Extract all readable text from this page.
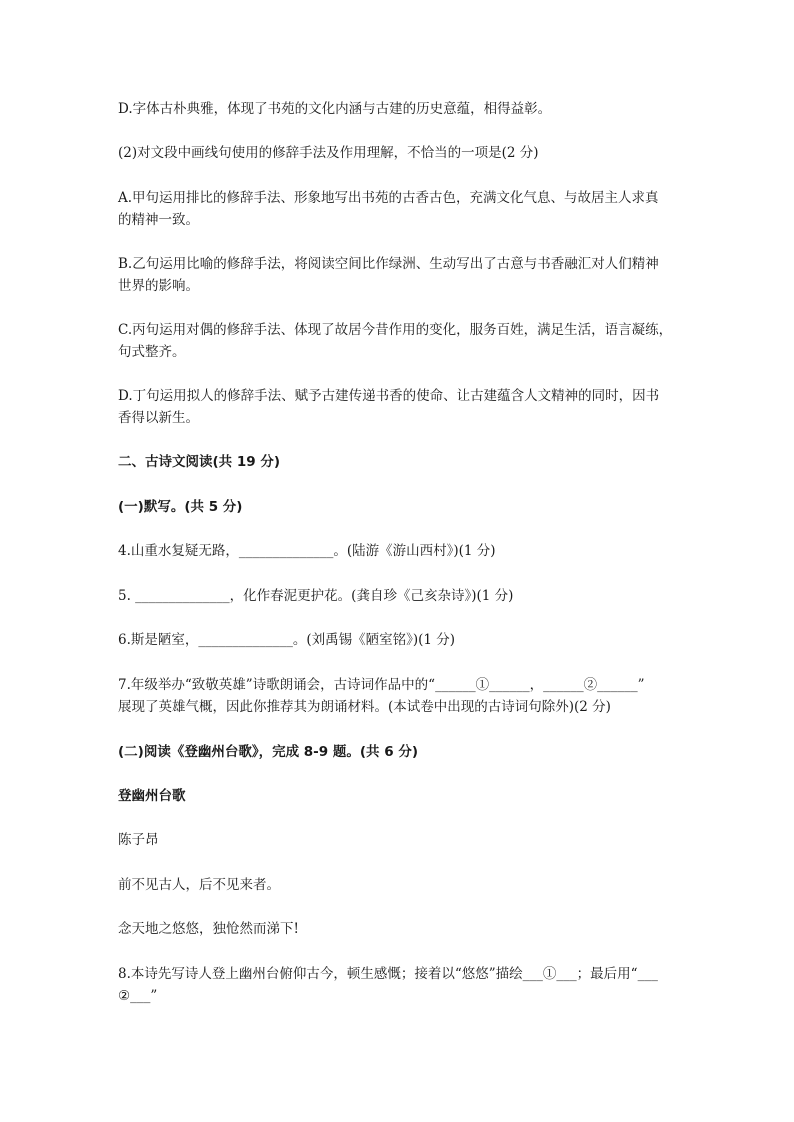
D.字体古朴典雅，体现了书苑的文化内涵与古建的历史意蕴，相得益彰。
(2)对文段中画线句使用的修辞手法及作用理解，不恰当的一项是(2 分)
A.甲句运用排比的修辞手法、形象地写出书苑的古香古色，充满文化气息、与故居主人求真
的精神一致。
B.乙句运用比喻的修辞手法，将阅读空间比作绿洲、生动写出了古意与书香融汇对人们精神
世界的影响。
C.丙句运用对偶的修辞手法、体现了故居今昔作用的变化，服务百姓，满足生活，语言凝练，
句式整齐。
D.丁句运用拟人的修辞手法、赋予古建传递书香的使命、让古建蕴含人文精神的同时，因书
香得以新生。
二、古诗文阅读(共 19 分)
(一)默写。(共 5 分)
4.山重水复疑无路，______________。(陆游《游山西村》)(1 分)
5. ______________，化作春泥更护花。(龚自珍《己亥杂诗》)(1 分)
6.斯是陋室，______________。(刘禹锡《陋室铭》)(1 分)
7.年级举办“致敬英雄”诗歌朗诵会，古诗词作品中的“______①______，______②______”
展现了英雄气概，因此你推荐其为朗诵材料。(本试卷中出现的古诗词句除外)(2 分)
(二)阅读《登幽州台歌》，完成 8-9 题。(共 6 分)
登幽州台歌
陈子昂
前不见古人，后不见来者。
念天地之悠悠，独怆然而涕下!
8.本诗先写诗人登上幽州台俯仰古今，顿生感慨；接着以“悠悠”描绘___①___；最后用“___
②___”
